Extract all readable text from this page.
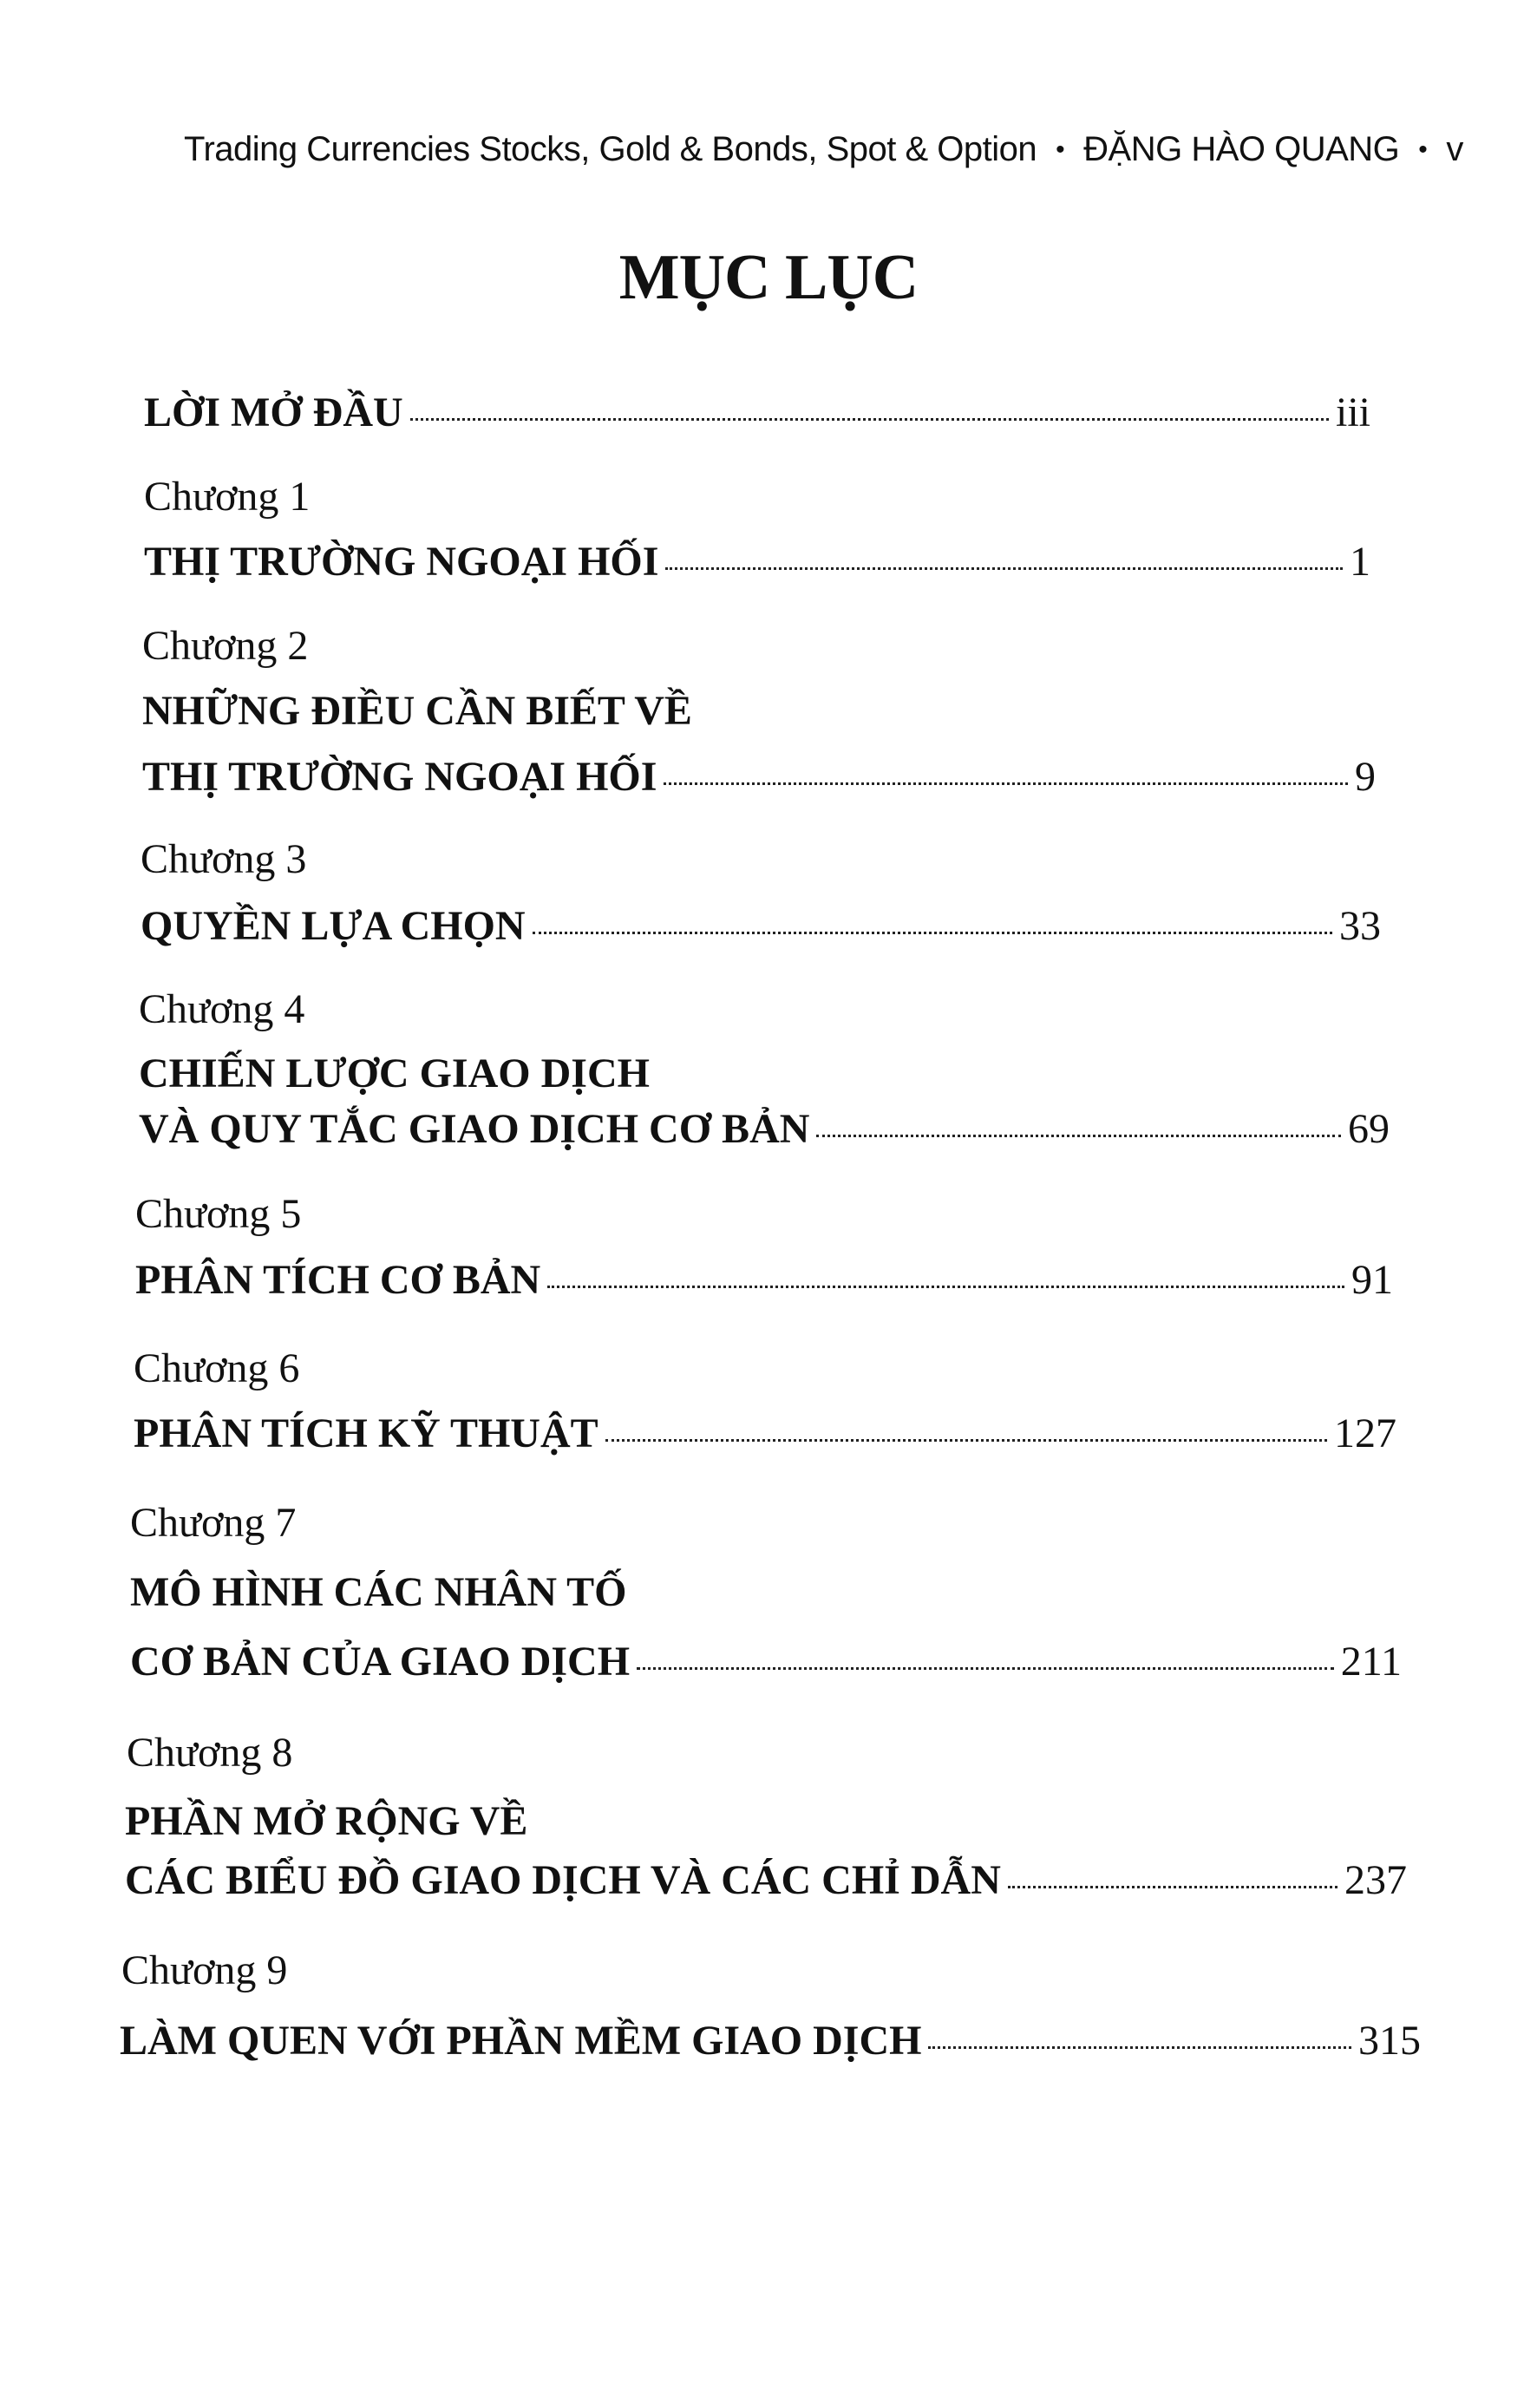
Trading Currencies Stocks, Gold & Bonds, Spot & Option • ĐẶNG HÀO QUANG • v
MỤC LỤC
LỜI MỞ ĐẦU	iii
Chương 1
THỊ TRƯỜNG NGOẠI HỐI	1
Chương 2
NHỮNG ĐIỀU CẦN BIẾT VỀ
THỊ TRƯỜNG NGOẠI HỐI	9
Chương 3
QUYỀN LỰA CHỌN	33
Chương 4
CHIẾN LƯỢC GIAO DỊCH
VÀ QUY TẮC GIAO DỊCH CƠ BẢN	69
Chương 5
PHÂN TÍCH CƠ BẢN	91
Chương 6
PHÂN TÍCH KỸ THUẬT	127
Chương 7
MÔ HÌNH CÁC NHÂN TỐ
CƠ BẢN CỦA GIAO DỊCH	211
Chương 8
PHẦN MỞ RỘNG VỀ
CÁC BIỂU ĐỒ GIAO DỊCH VÀ CÁC CHỈ DẪN	237
Chương 9
LÀM QUEN VỚI PHẦN MỀM GIAO DỊCH	315
